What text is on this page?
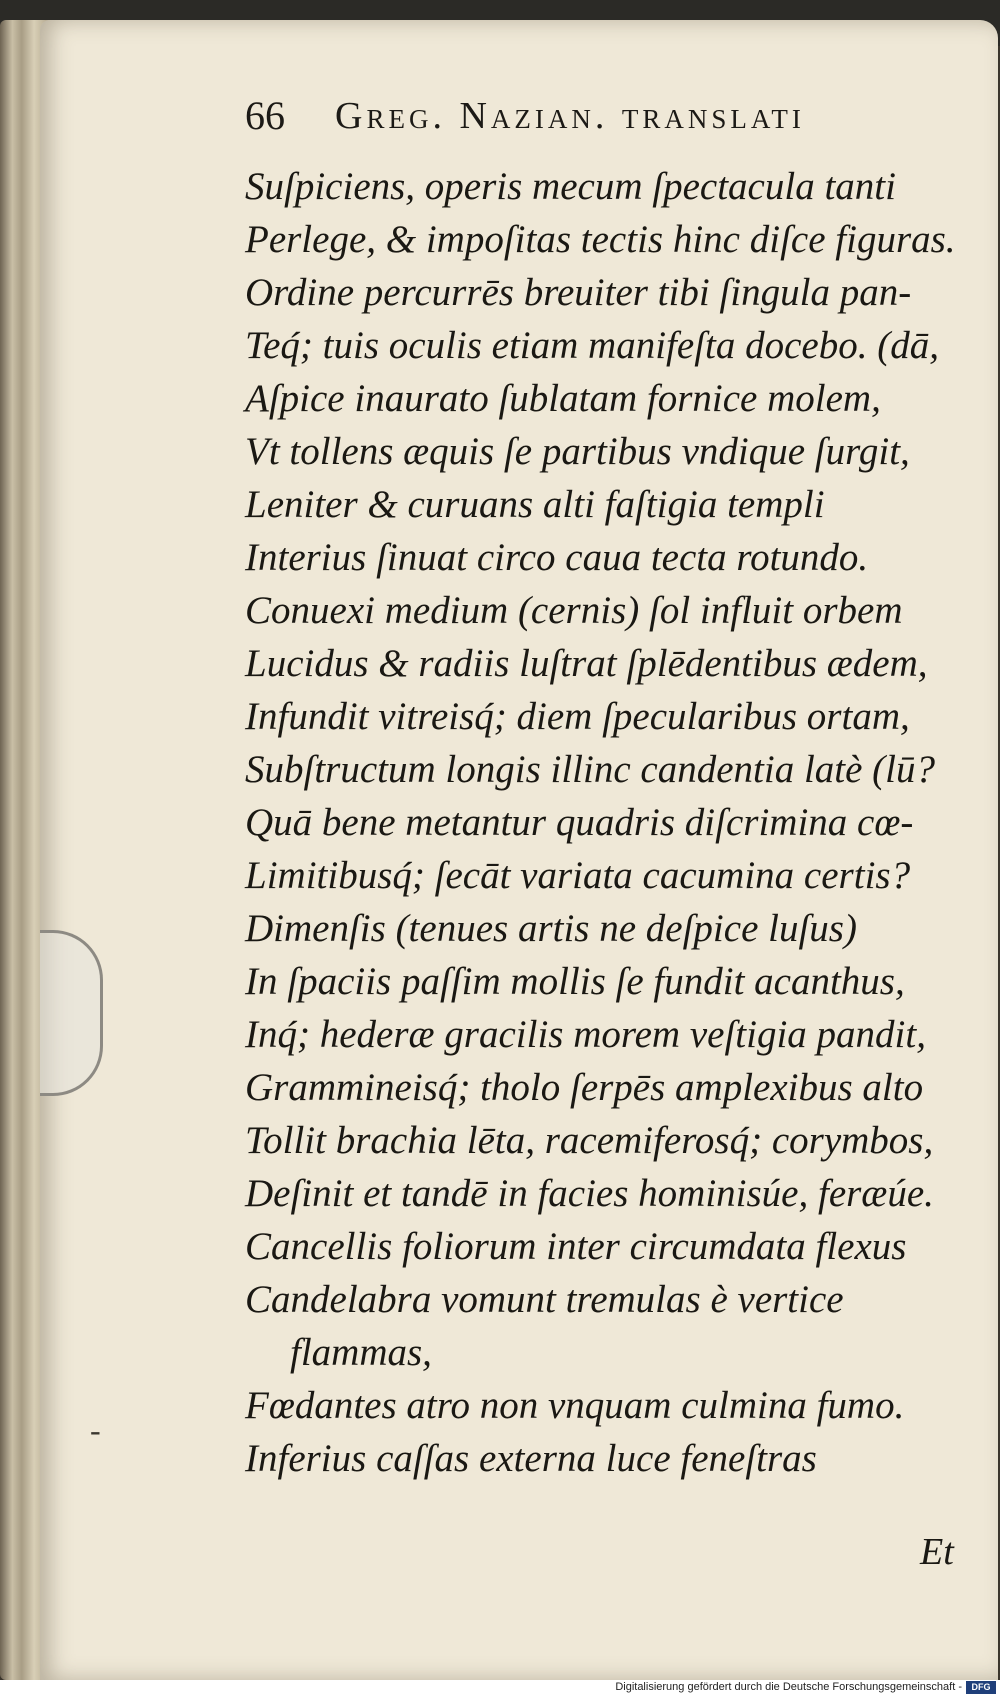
66 Greg. Nazian. translati
Suſpiciens, operis mecum ſpectacula tanti
Perlege, & impoſitas tectis hinc diſce figuras.
Ordine percurrēs breuiter tibi ſingula pan-
Teq́; tuis oculis etiam manifeſta docebo. (dā,
Aſpice inaurato ſublatam fornice molem,
Vt tollens æquis ſe partibus vndique ſurgit,
Leniter & curuans alti faſtigia templi
Interius ſinuat circo caua tecta rotundo.
Conuexi medium (cernis) ſol influit orbem
Lucidus & radiis luſtrat ſplēdentibus ædem,
Infundit vitreisq́; diem ſpecularibus ortam,
Subſtructum longis illinc candentia latè (lū?
Quā bene metantur quadris diſcrimina cœ-
Limitibusq́; ſecāt variata cacumina certis?
Dimenſis (tenues artis ne deſpice luſus)
In ſpaciis paſſim mollis ſe fundit acanthus,
Inq́; hederæ gracilis morem veſtigia pandit,
Grammineisq́; tholo ſerpēs amplexibus alto
Tollit brachia lēta, racemiferosq́; corymbos,
Deſinit et tandē in facies hominisúe, feræúe.
Cancellis foliorum inter circumdata flexus
Candelabra vomunt tremulas è vertice
flammas,
Fœdantes atro non vnquam culmina fumo.
Inferius caſſas externa luce feneſtras
-
Et
Digitalisierung gefördert durch die Deutsche Forschungsgemeinschaft -	DFG
